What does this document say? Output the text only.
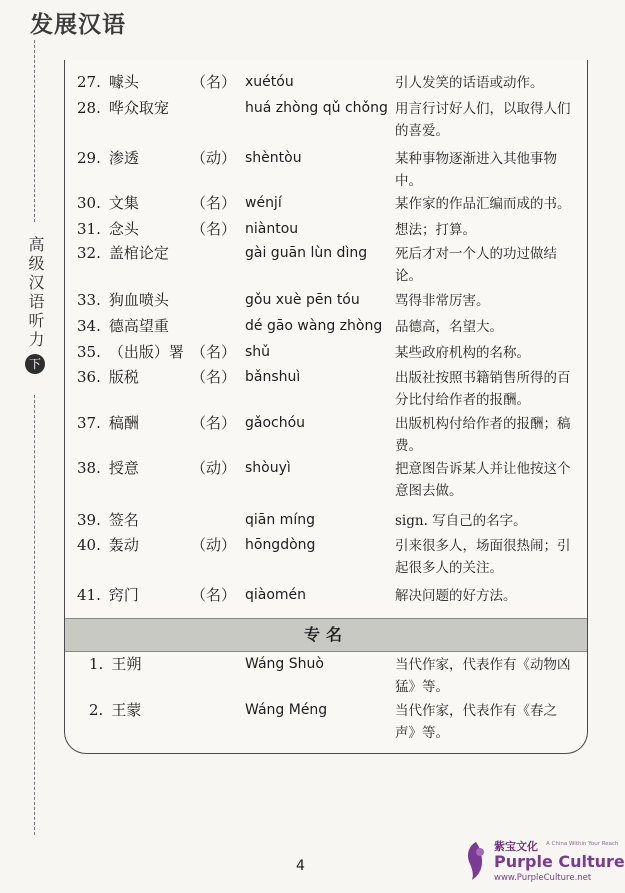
发展汉语
高级汉语听力
下
27. 噱头	（名） xuétóu	引人发笑的话语或动作。
28. 哗众取宠	huá zhòng qǔ chǒng 用言行讨好人们，以取得人们的喜爱。
29. 渗透	（动） shèntòu	某种事物逐渐进入其他事物中。
30. 文集	（名） wénjí	某作家的作品汇编而成的书。
31. 念头	（名） niàntou	想法；打算。
32. 盖棺论定	gài guān lùn dìng 死后才对一个人的功过做结论。
33. 狗血喷头	gǒu xuè pēn tóu	骂得非常厉害。
34. 德高望重	dé gāo wàng zhòng 品德高，名望大。
35. （出版）署 （名） shǔ	某些政府机构的名称。
36. 版税	（名） bǎnshuì	出版社按照书籍销售所得的百分比付给作者的报酬。
37. 稿酬	（名） gǎochóu	出版机构付给作者的报酬；稿费。
38. 授意	（动） shòuyì	把意图告诉某人并让他按这个意图去做。
39. 签名	qiān míng	sign. 写自己的名字。
40. 轰动	（动） hōngdòng	引来很多人，场面很热闹；引起很多人的关注。
41. 窍门	（名） qiàomén	解决问题的好方法。
专名
1. 王朔	Wáng Shuò	当代作家，代表作有《动物凶猛》等。
2. 王蒙	Wáng Méng	当代作家，代表作有《春之声》等。
4
紫宝文化 A China Within Your Reach
Purple Culture
www.PurpleCulture.net
